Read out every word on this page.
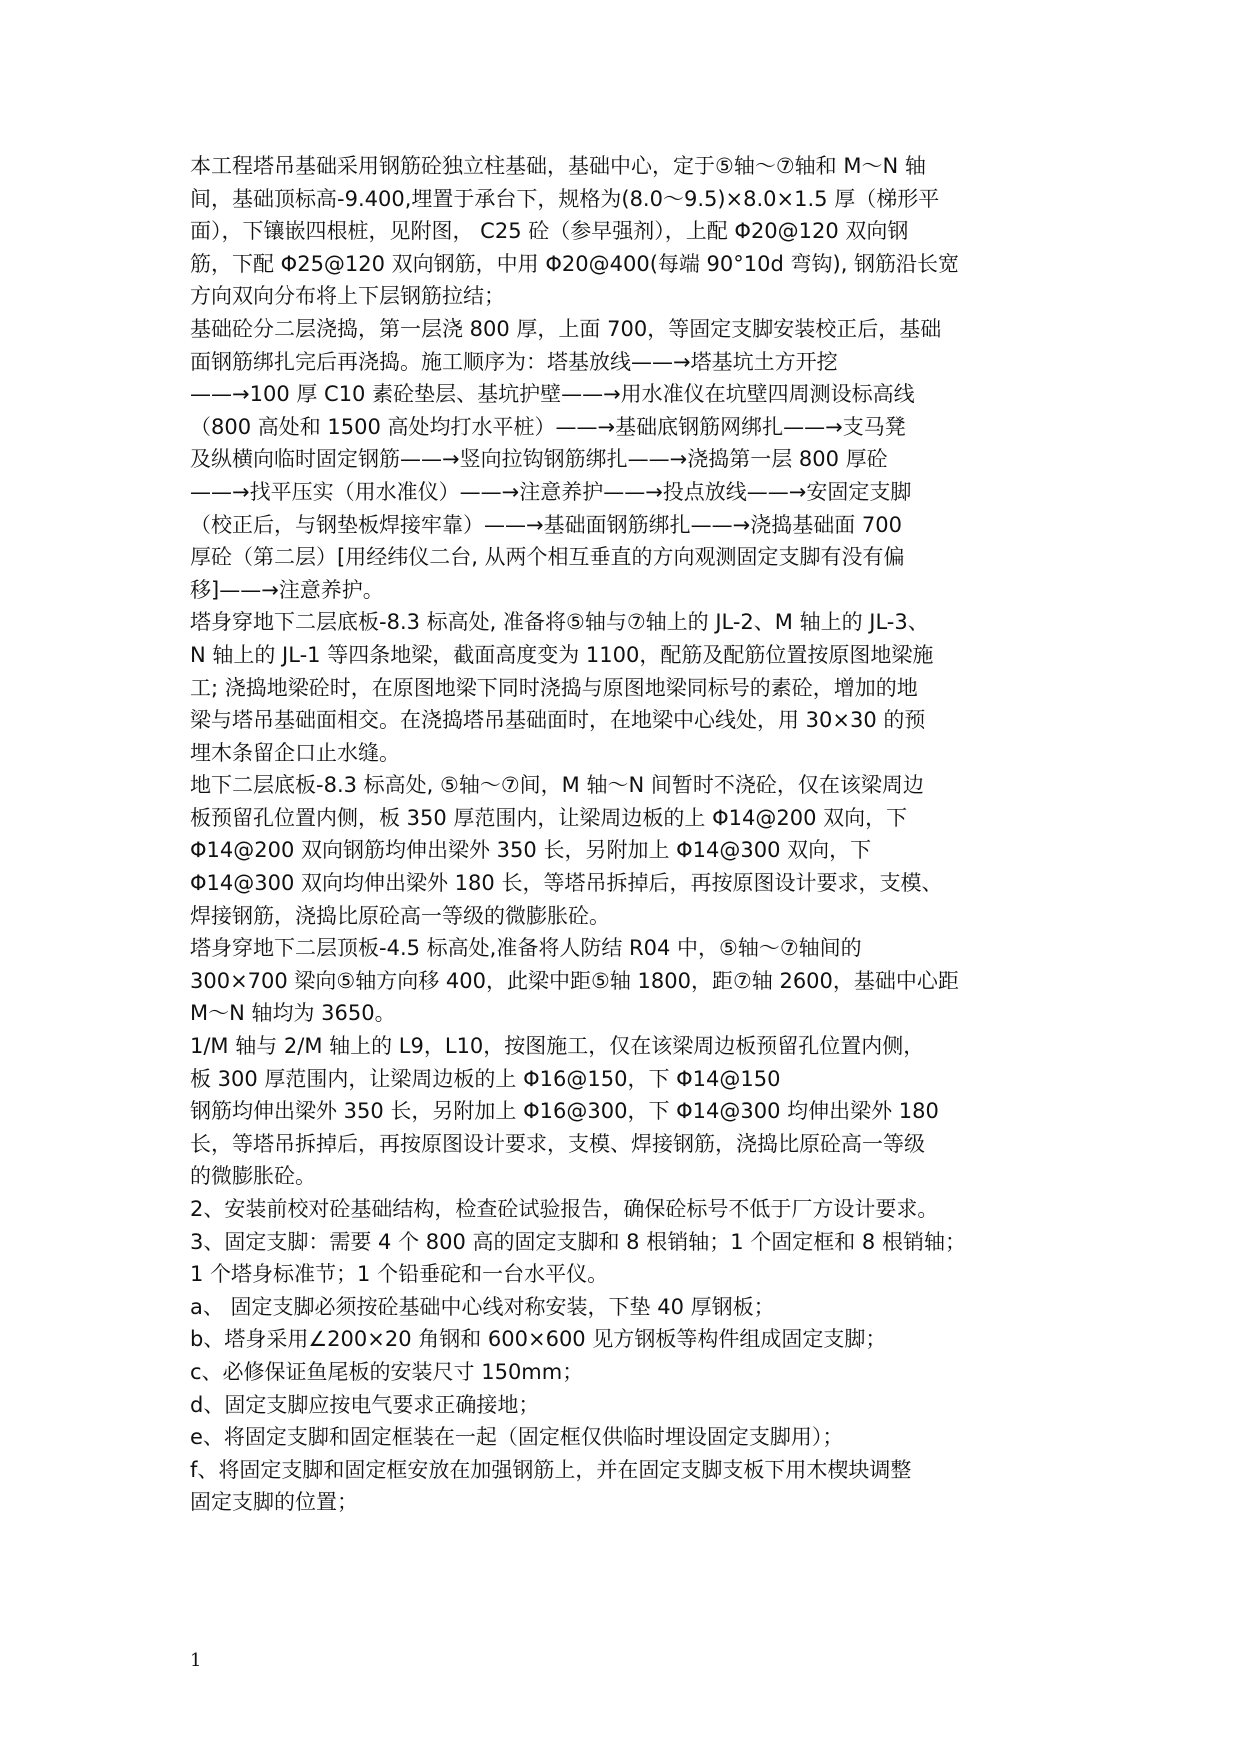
本工程塔吊基础采用钢筋砼独立柱基础，基础中心，定于⑤轴～⑦轴和 M～N 轴
间，基础顶标高-9.400,埋置于承台下，规格为(8.0～9.5)×8.0×1.5 厚（梯形平
面），下镶嵌四根桩，见附图， C25 砼（参早强剂），上配 Φ20@120 双向钢
筋，下配 Φ25@120 双向钢筋，中用 Φ20@400(每端 90°10d 弯钩), 钢筋沿长宽
方向双向分布将上下层钢筋拉结；
基础砼分二层浇捣，第一层浇 800 厚，上面 700，等固定支脚安装校正后，基础
面钢筋绑扎完后再浇捣。施工顺序为：塔基放线——→塔基坑土方开挖
——→100 厚 C10 素砼垫层、基坑护壁——→用水准仪在坑壁四周测设标高线
（800 高处和 1500 高处均打水平桩）——→基础底钢筋网绑扎——→支马凳
及纵横向临时固定钢筋——→竖向拉钩钢筋绑扎——→浇捣第一层 800 厚砼
——→找平压实（用水准仪）——→注意养护——→投点放线——→安固定支脚
（校正后，与钢垫板焊接牢靠）——→基础面钢筋绑扎——→浇捣基础面 700
厚砼（第二层）[用经纬仪二台, 从两个相互垂直的方向观测固定支脚有没有偏
移]——→注意养护。
塔身穿地下二层底板-8.3 标高处, 准备将⑤轴与⑦轴上的 JL-2、M 轴上的 JL-3、
N 轴上的 JL-1 等四条地梁，截面高度变为 1100，配筋及配筋位置按原图地梁施
工; 浇捣地梁砼时，在原图地梁下同时浇捣与原图地梁同标号的素砼，增加的地
梁与塔吊基础面相交。在浇捣塔吊基础面时，在地梁中心线处，用 30×30 的预
埋木条留企口止水缝。
地下二层底板-8.3 标高处, ⑤轴～⑦间，M 轴～N 间暂时不浇砼，仅在该梁周边
板预留孔位置内侧，板 350 厚范围内，让梁周边板的上 Φ14@200 双向，下
Φ14@200 双向钢筋均伸出梁外 350 长，另附加上 Φ14@300 双向，下
Φ14@300 双向均伸出梁外 180 长，等塔吊拆掉后，再按原图设计要求，支模、
焊接钢筋，浇捣比原砼高一等级的微膨胀砼。
塔身穿地下二层顶板-4.5 标高处,准备将人防结 R04 中，⑤轴～⑦轴间的
300×700 梁向⑤轴方向移 400，此梁中距⑤轴 1800，距⑦轴 2600，基础中心距
M～N 轴均为 3650。
1/M 轴与 2/M 轴上的 L9，L10，按图施工，仅在该梁周边板预留孔位置内侧，
板 300 厚范围内，让梁周边板的上 Φ16@150，下 Φ14@150
钢筋均伸出梁外 350 长，另附加上 Φ16@300，下 Φ14@300 均伸出梁外 180
长，等塔吊拆掉后，再按原图设计要求，支模、焊接钢筋，浇捣比原砼高一等级
的微膨胀砼。
2、安装前校对砼基础结构，检查砼试验报告，确保砼标号不低于厂方设计要求。
3、固定支脚：需要 4 个 800 高的固定支脚和 8 根销轴；1 个固定框和 8 根销轴；
1 个塔身标准节；1 个铅垂砣和一台水平仪。
a、 固定支脚必须按砼基础中心线对称安装，下垫 40 厚钢板；
b、塔身采用∠200×20 角钢和 600×600 见方钢板等构件组成固定支脚；
c、必修保证鱼尾板的安装尺寸 150mm；
d、固定支脚应按电气要求正确接地；
e、将固定支脚和固定框装在一起（固定框仅供临时埋设固定支脚用）；
f、将固定支脚和固定框安放在加强钢筋上，并在固定支脚支板下用木楔块调整
固定支脚的位置；
1
